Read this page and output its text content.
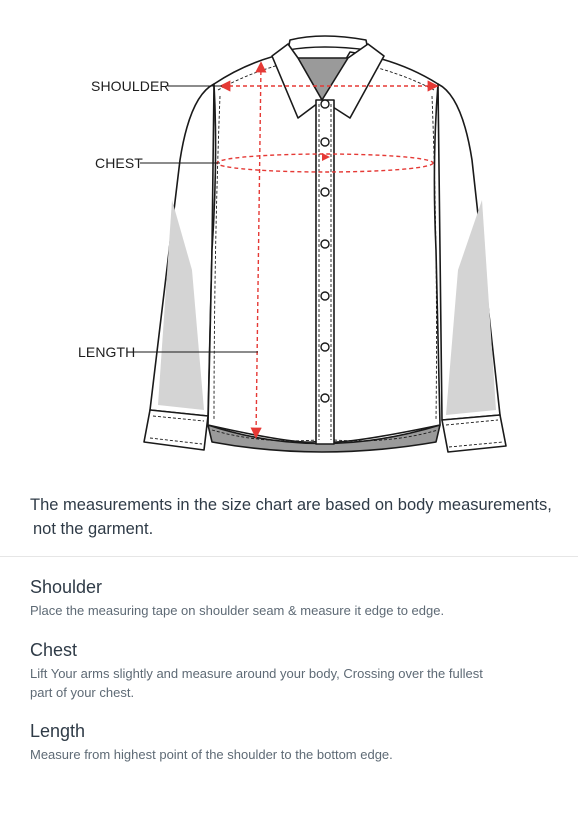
SHOULDER
CHEST
LENGTH
The measurements in the size chart are based on body measurements,
not the garment.
Shoulder

Place the measuring tape on shoulder seam & measure it edge to edge.

Chest

Lift Your arms slightly and measure around your body, Crossing over the fullest
part of your chest.

Length

Measure from highest point of the shoulder to the bottom edge.
